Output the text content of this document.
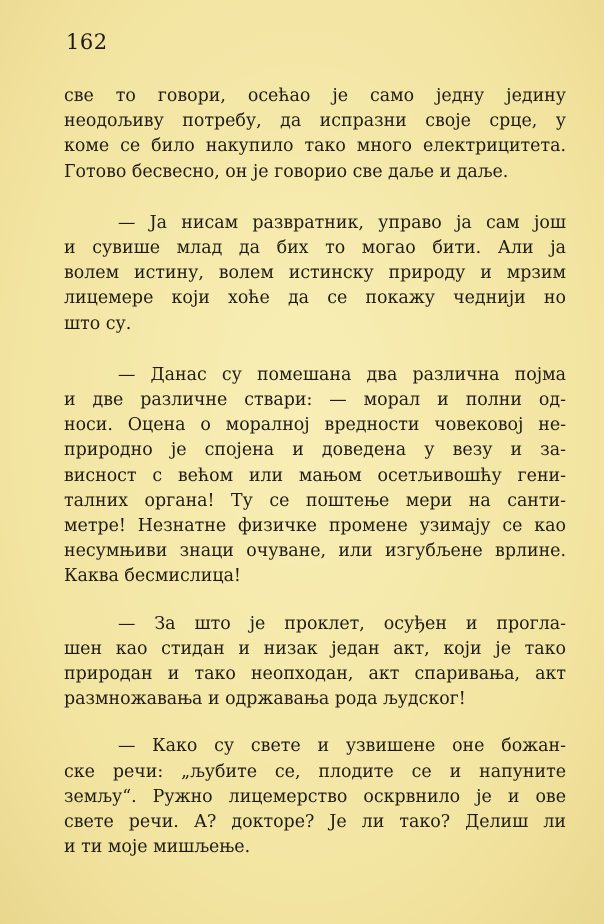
162
све то говори, осећао је само једну једину
неодољиву потребу, да испразни своје срце, у
коме се било накупило тако много електрицитета.
Готово бесвесно, он је говорио све даље и даље.
— Ја нисам развратник, управо ја сам још
и сувише млад да бих то могао бити. Али ја
волем истину, волем истинску природу и мрзим
лицемере који хоће да се покажу чеднији но
што су.
— Данас су помешана два различна појма
и две различне ствари: — морал и полни од-
носи. Оцена о моралној вредности човековој не-
природно је спојена и доведена у везу и за-
висност с већом или мањом осетљивошћу гени-
талних органа! Ту се поштење мери на санти-
метре! Незнатне физичке промене узимају се као
несумњиви знаци очуване, или изгубљене врлине.
Каква бесмислица!
— За што је проклет, осуђен и прогла-
шен као стидан и низак један акт, који је тако
природан и тако неопходан, акт спаривања, акт
размножавања и одржавања рода људског!
— Како су свете и узвишене оне божан-
ске речи: „љубите се, плодите се и напуните
земљу“. Ружно лицемерство оскрвнило је и ове
свете речи. А? докторе? Је ли тако? Делиш ли
и ти моје мишљење.
